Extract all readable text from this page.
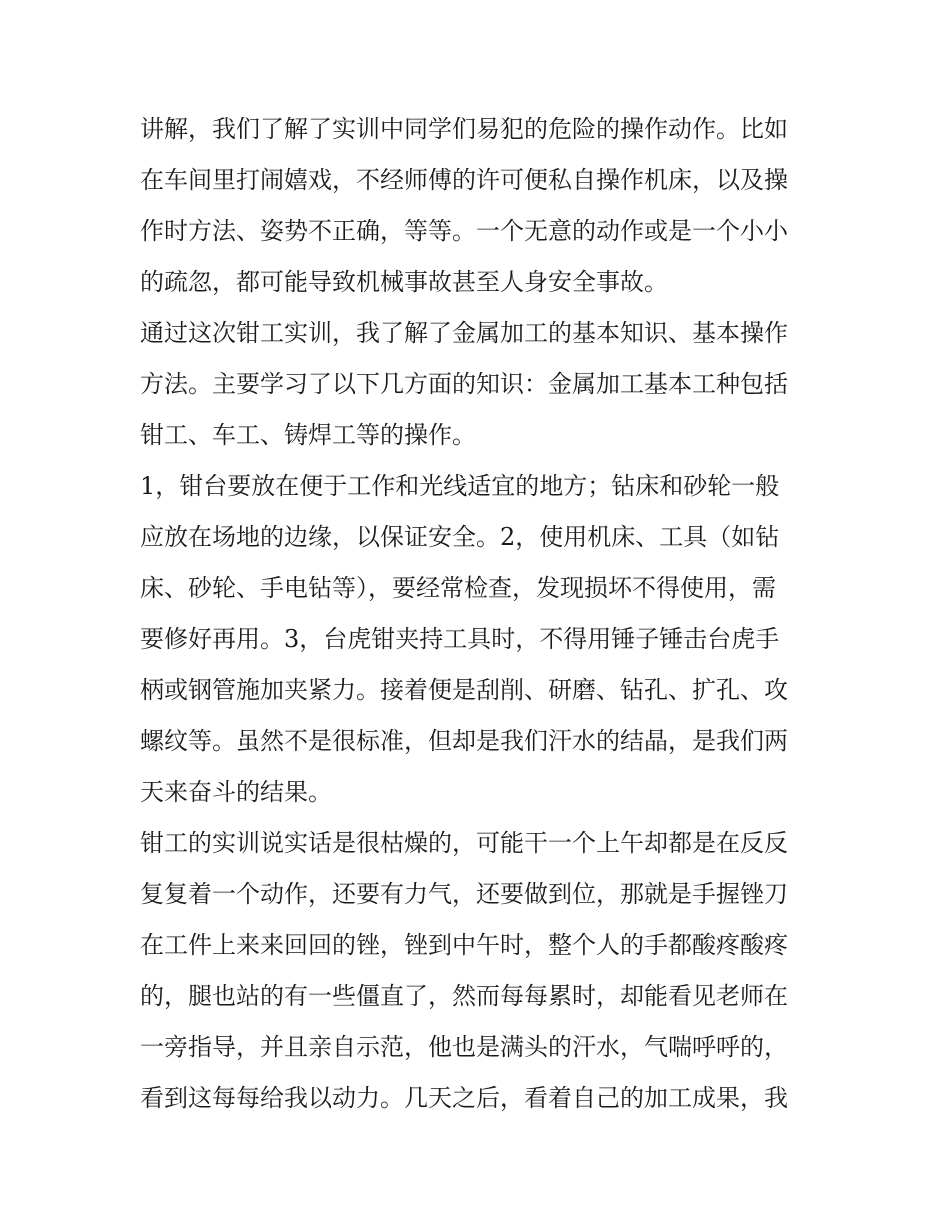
讲解，我们了解了实训中同学们易犯的危险的操作动作。比如
在车间里打闹嬉戏，不经师傅的许可便私自操作机床，以及操
作时方法、姿势不正确，等等。一个无意的动作或是一个小小
的疏忽，都可能导致机械事故甚至人身安全事故。
通过这次钳工实训，我了解了金属加工的基本知识、基本操作
方法。主要学习了以下几方面的知识：金属加工基本工种包括
钳工、车工、铸焊工等的操作。
1，钳台要放在便于工作和光线适宜的地方；钻床和砂轮一般
应放在场地的边缘，以保证安全。2，使用机床、工具（如钻
床、砂轮、手电钻等），要经常检查，发现损坏不得使用，需
要修好再用。3，台虎钳夹持工具时，不得用锤子锤击台虎手
柄或钢管施加夹紧力。接着便是刮削、研磨、钻孔、扩孔、攻
螺纹等。虽然不是很标准，但却是我们汗水的结晶，是我们两
天来奋斗的结果。
钳工的实训说实话是很枯燥的，可能干一个上午却都是在反反
复复着一个动作，还要有力气，还要做到位，那就是手握锉刀
在工件上来来回回的锉，锉到中午时，整个人的手都酸疼酸疼
的，腿也站的有一些僵直了，然而每每累时，却能看见老师在
一旁指导，并且亲自示范，他也是满头的汗水，气喘呼呼的，
看到这每每给我以动力。几天之后，看着自己的加工成果，我
